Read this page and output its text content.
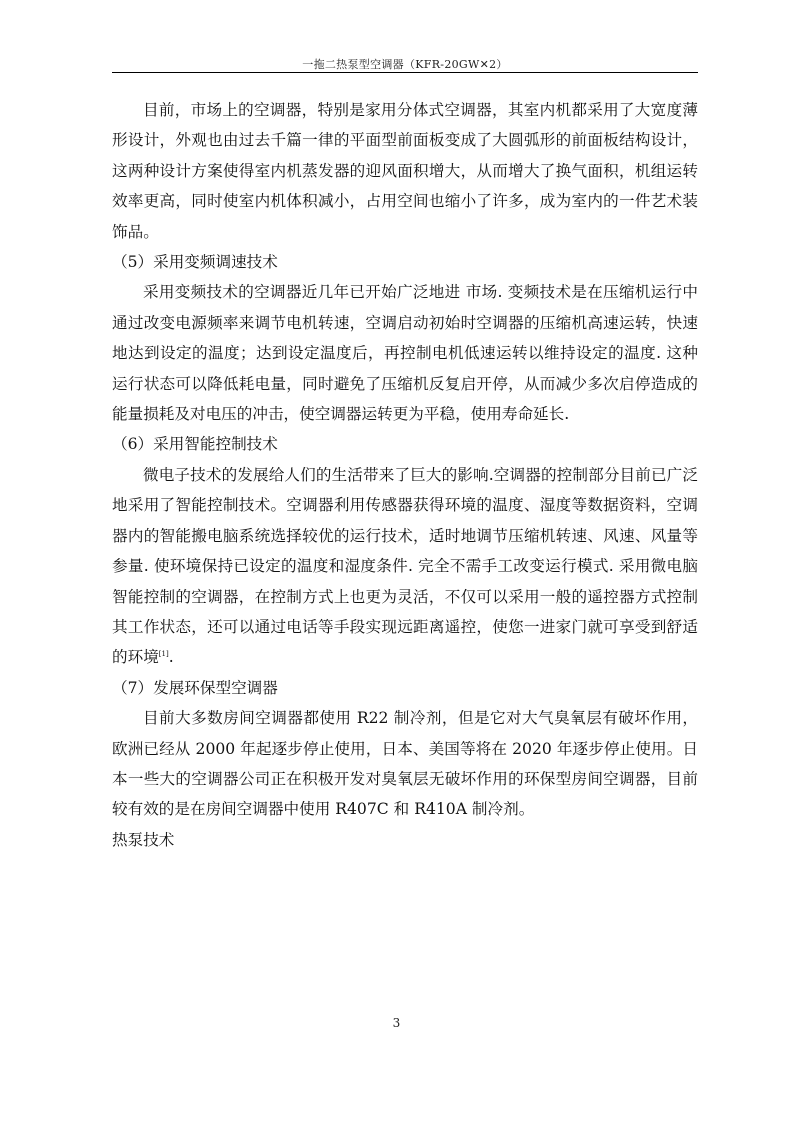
一拖二热泵型空调器（KFR-20GW✕2）

目前，市场上的空调器，特别是家用分体式空调器，其室内机都采用了大宽度薄形设计，外观也由过去千篇一律的平面型前面板变成了大圆弧形的前面板结构设计，这两种设计方案使得室内机蒸发器的迎风面积增大，从而增大了换气面积，机组运转效率更高，同时使室内机体积减小，占用空间也缩小了许多，成为室内的一件艺术装饰品。

（5）采用变频调速技术

采用变频技术的空调器近几年已开始广泛地进 市场. 变频技术是在压缩机运行中通过改变电源频率来调节电机转速，空调启动初始时空调器的压缩机高速运转，快速地达到设定的温度；达到设定温度后，再控制电机低速运转以维持设定的温度. 这种运行状态可以降低耗电量，同时避免了压缩机反复启开停，从而减少多次启停造成的能量损耗及对电压的冲击，使空调器运转更为平稳，使用寿命延长.

（6）采用智能控制技术

微电子技术的发展给人们的生活带来了巨大的影响.空调器的控制部分目前已广泛地采用了智能控制技术。空调器利用传感器获得环境的温度、湿度等数据资料，空调器内的智能搬电脑系统选择较优的运行技术，适时地调节压缩机转速、风速、风量等参量. 使环境保持已设定的温度和湿度条件. 完全不需手工改变运行模式. 采用微电脑智能控制的空调器，在控制方式上也更为灵活，不仅可以采用一般的遥控器方式控制其工作状态，还可以通过电话等手段实现远距离遥控，使您一进家门就可享受到舒适的环境[1].

（7）发展环保型空调器

目前大多数房间空调器都使用 R22 制冷剂，但是它对大气臭氧层有破坏作用，欧洲已经从 2000 年起逐步停止使用，日本、美国等将在 2020 年逐步停止使用。日本一些大的空调器公司正在积极开发对臭氧层无破坏作用的环保型房间空调器，目前较有效的是在房间空调器中使用 R407C 和 R410A 制冷剂。

热泵技术

3
